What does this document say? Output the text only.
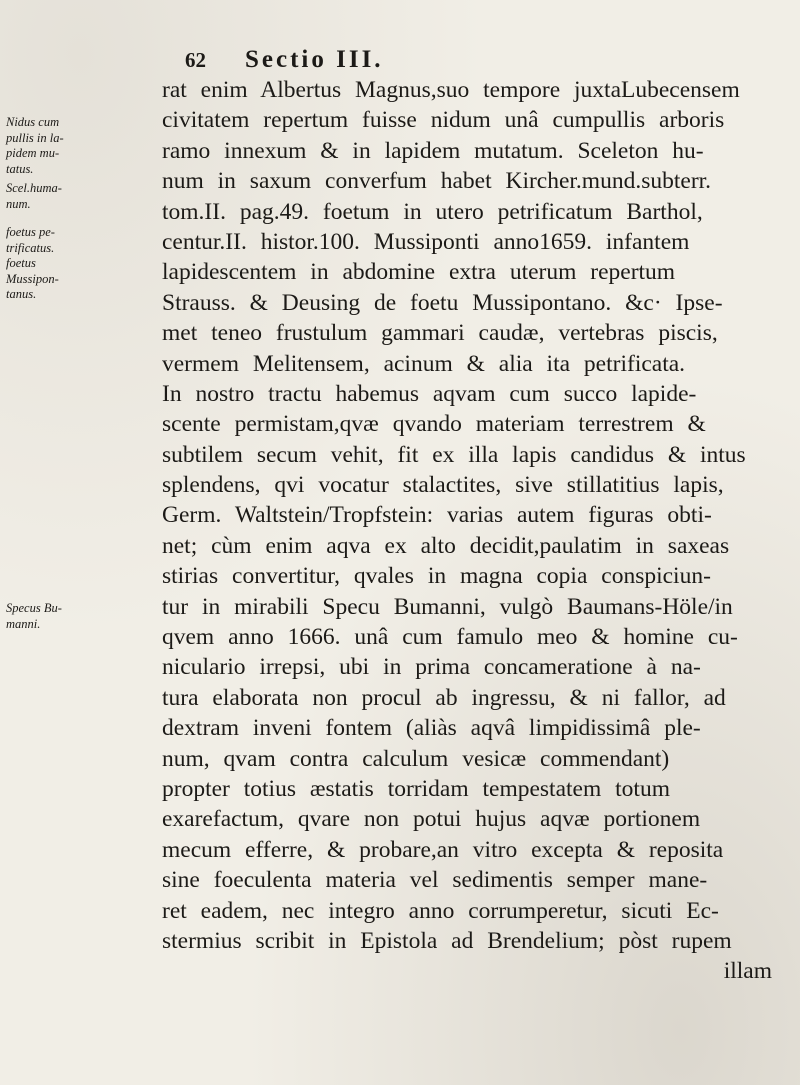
62 Sectio III.
Nidus cum
pullis in la-
pidem mu-
tatus.
Scel.huma-
num.
foetus pe-
trificatus.
foetus
Mussipon-
tanus.
Specus Bu-
manni.
rat enim Albertus Magnus,suo tempore juxtaLubecensem
civitatem repertum fuisse nidum unâ cumpullis arboris
ramo innexum & in lapidem mutatum. Sceleton hu-
num in saxum converfum habet Kircher.mund.subterr.
tom.II. pag.49. foetum in utero petrificatum Barthol,
centur.II. histor.100. Mussiponti anno1659. infantem
lapidescentem in abdomine extra uterum repertum
Strauss. & Deusing de foetu Mussipontano. &c· Ipse-
met teneo frustulum gammari caudæ, vertebras piscis,
vermem Melitensem, acinum & alia ita petrificata.
In nostro tractu habemus aqvam cum succo lapide-
scente permistam,qvæ qvando materiam terrestrem &
subtilem secum vehit, fit ex illa lapis candidus & intus
splendens, qvi vocatur stalactites, sive stillatitius lapis,
Germ. Waltstein/Tropfstein: varias autem figuras obti-
net; cùm enim aqva ex alto decidit,paulatim in saxeas
stirias convertitur, qvales in magna copia conspiciun-
tur in mirabili Specu Bumanni, vulgò Baumans-Höle/in
qvem anno 1666. unâ cum famulo meo & homine cu-
niculario irrepsi, ubi in prima concameratione à na-
tura elaborata non procul ab ingressu, & ni fallor, ad
dextram inveni fontem (aliàs aqvâ limpidissimâ ple-
num, qvam contra calculum vesicæ commendant)
propter totius æstatis torridam tempestatem totum
exarefactum, qvare non potui hujus aqvæ portionem
mecum efferre, & probare,an vitro excepta & reposita
sine foeculenta materia vel sedimentis semper mane-
ret eadem, nec integro anno corrumperetur, sicuti Ec-
stermius scribit in Epistola ad Brendelium; pòst rupem
illam
